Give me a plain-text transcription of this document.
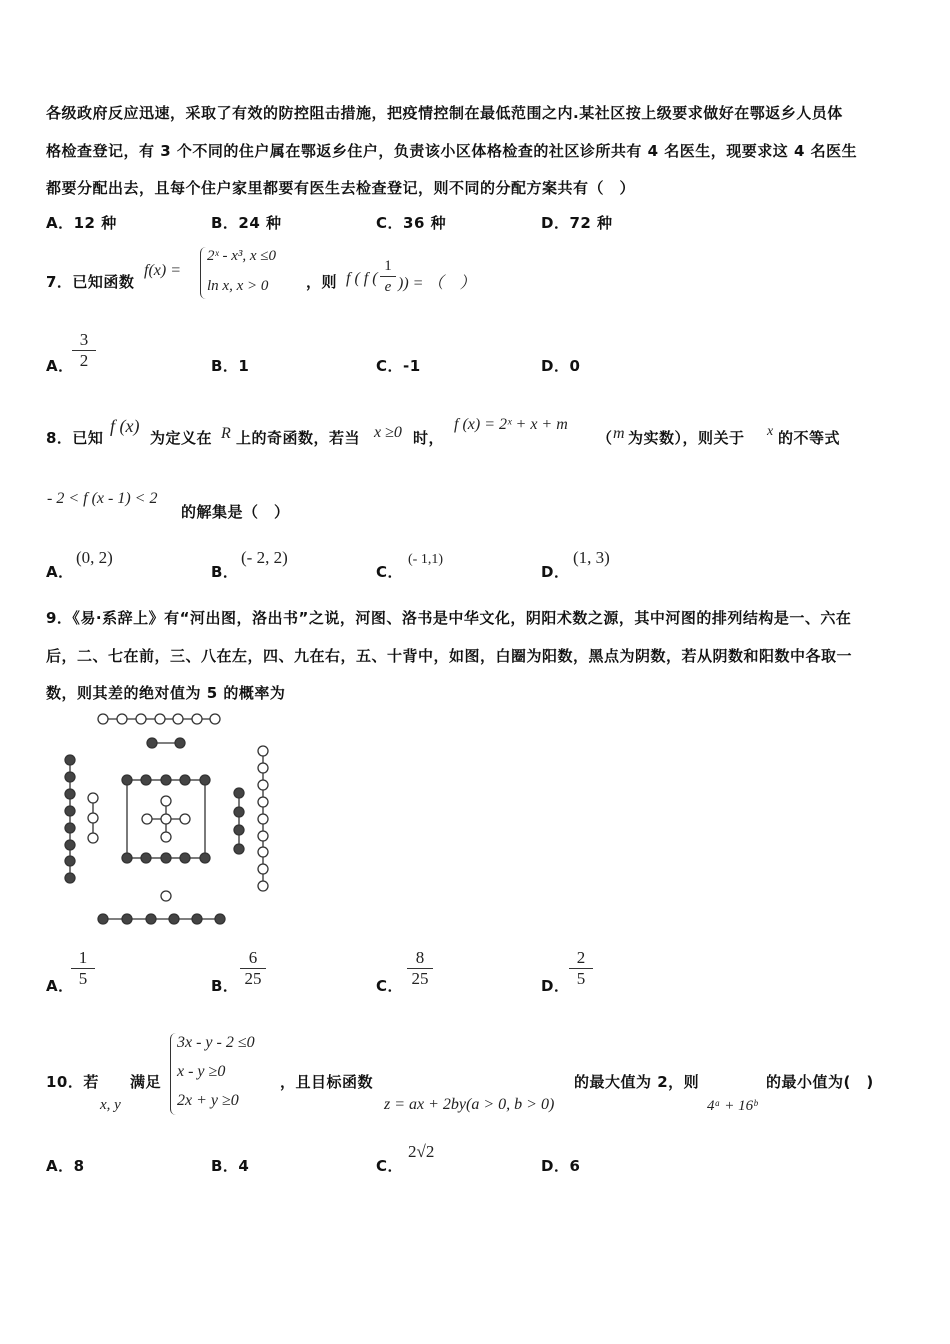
各级政府反应迅速，采取了有效的防控阻击措施，把疫情控制在最低范围之内.某社区按上级要求做好在鄂返乡人员体
格检查登记，有 3 个不同的住户属在鄂返乡住户，负责该小区体格检查的社区诊所共有 4 名医生，现要求这 4 名医生
都要分配出去，且每个住户家里都要有医生去检查登记，则不同的分配方案共有（　）
A．12 种	B．24 种	C．36 种	D．72 种
7．已知函数
f(x) =
2ˣ - x³, x ≤0
ln x, x > 0	，则 f ( f ( $\frac{1}{e}$ )) = （　）
A．
$\frac{3}{2}$	B．1	C．-1	D．0
8．已知
f (x)
为定义在 R 上的奇函数，若当 x ≥0 时，
f (x) = 2ˣ + x + m
（ m 为实数），则关于 x 的不等式
- 2 < f (x - 1) < 2
的解集是（　）
A．
(0, 2)
B．
(- 2, 2)
C．
(- 1,1)
D．
(1, 3)
9．《易·系辞上》有“河出图，洛出书”之说，河图、洛书是中华文化，阴阳术数之源，其中河图的排列结构是一、六在
后，二、七在前，三、八在左，四、九在右，五、十背中，如图，白圈为阳数，黑点为阴数，若从阴数和阳数中各取一
数，则其差的绝对值为 5 的概率为
A．
$\frac{1}{5}$	B． $\frac{6}{25}$	C． $\frac{8}{25}$	D． $\frac{2}{5}$
10．若 满足
x, y
3x - y - 2 ≤0
x - y ≥0
2x + y ≥0
，且目标函数
z = ax + 2by(a > 0, b > 0)
的最大值为 2，则
4ᵃ + 16ᵇ
的最小值为(　)
A．8	B．4	C．
2√2
D．6
